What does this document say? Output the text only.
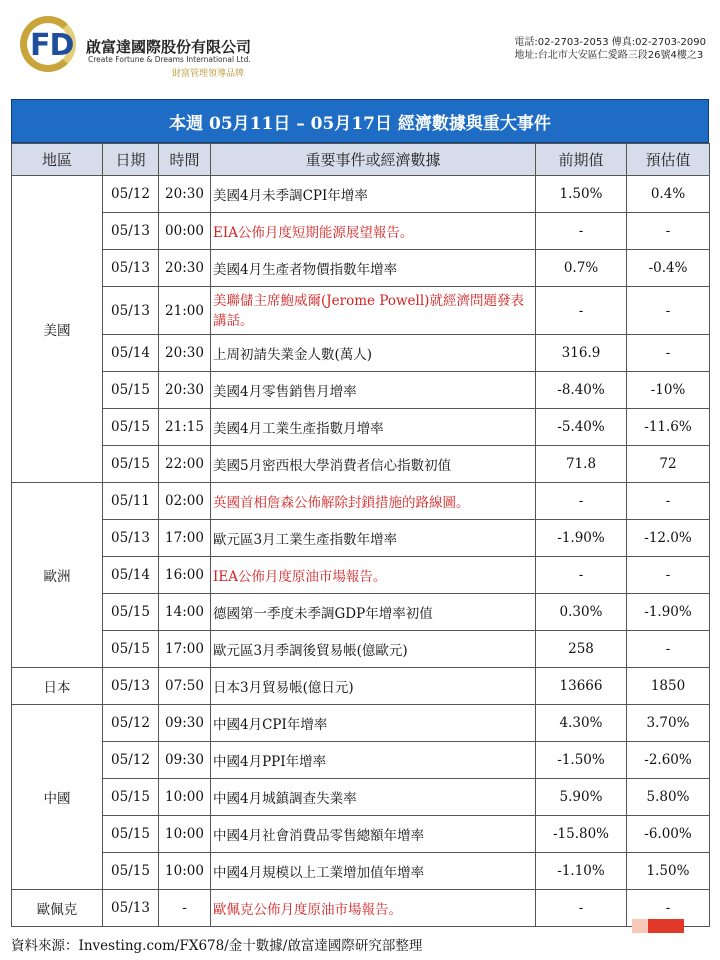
FD 啟富達國際股份有限公司
Create Fortune & Dreams International Ltd.
財富管理領導品牌
電話:02-2703-2053 傳真:02-2703-2090
地址:台北市大安區仁愛路三段26號4樓之3
本週 05月11日 – 05月17日 經濟數據與重大事件
地區	日期	時間	重要事件或經濟數據	前期值	預估值
美國	05/12	20:30	美國4月未季調CPI年增率	1.50%	0.4%
	05/13	00:00	EIA公佈月度短期能源展望報告。	-	-
	05/13	20:30	美國4月生產者物價指數年增率	0.7%	-0.4%
	05/13	21:00	美聯儲主席鮑威爾(Jerome Powell)就經濟問題發表講話。	-	-
	05/14	20:30	上周初請失業金人數(萬人)	316.9	-
	05/15	20:30	美國4月零售銷售月增率	-8.40%	-10%
	05/15	21:15	美國4月工業生產指數月增率	-5.40%	-11.6%
	05/15	22:00	美國5月密西根大學消費者信心指數初值	71.8	72
歐洲	05/11	02:00	英國首相詹森公佈解除封鎖措施的路線圖。	-	-
	05/13	17:00	歐元區3月工業生產指數年增率	-1.90%	-12.0%
	05/14	16:00	IEA公佈月度原油市場報告。	-	-
	05/15	14:00	德國第一季度未季調GDP年增率初值	0.30%	-1.90%
	05/15	17:00	歐元區3月季調後貿易帳(億歐元)	258	-
日本	05/13	07:50	日本3月貿易帳(億日元)	13666	1850
中國	05/12	09:30	中國4月CPI年增率	4.30%	3.70%
	05/12	09:30	中國4月PPI年增率	-1.50%	-2.60%
	05/15	10:00	中國4月城鎮調查失業率	5.90%	5.80%
	05/15	10:00	中國4月社會消費品零售總額年增率	-15.80%	-6.00%
	05/15	10:00	中國4月規模以上工業增加值年增率	-1.10%	1.50%
歐佩克	05/13	-	歐佩克公佈月度原油市場報告。	-	-
資料來源：Investing.com/FX678/金十數據/啟富達國際研究部整理
